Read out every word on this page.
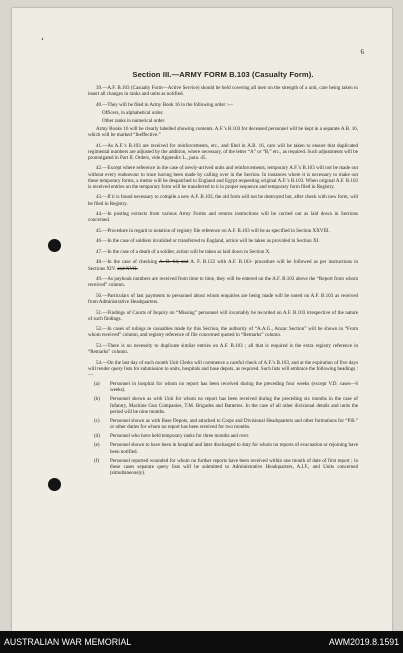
‘
6
Section III.—ARMY FORM B.103 (Casualty Form).

39.—A.F. B.103 (Casualty Form—Active Service) should be held covering all men on the strength of a unit, care being taken to insert all changes in ranks and units as notified.

40.—They will be filed in Army Book 16 in the following order :—

Officers, in alphabetical order.
Other ranks in numerical order.

Army Books 16 will be clearly labelled showing contents. A.F.’s B.103 for deceased personnel will be kept in a separate A.B. 16, which will be marked “Ineffective.”

41.—As A.F.’s B.103 are received for reinforcements, etc., and filed in A.B. 16, care will be taken to ensure that duplicated regimental numbers are adjusted by the addition, where necessary, of the letter “A” or “B,” etc., as required. Such adjustments will be promulgated in Part II. Orders, vide Appendix L., para. 45.

42.—Except where reference in the case of newly-arrived units and reinforcements, temporary A.F.’s B.103 will not be made out without every endeavour to trace having been made by calling over in the Section. In instances where it is necessary to make out these temporary forms, a memo will be despatched to England and Egypt requesting original A.F.’s B.103. When original A.F. B.103 is received entries on the temporary form will be transferred to it in proper sequence and temporary form filed in Registry.

43.—If it is found necessary to compile a new A.F. B.103, the old form will not be destroyed but, after check with new form, will be filed in Registry.

44.—In posting extracts from various Army Forms and returns instructions will be carried out as laid down in Sections concerned.

45.—Procedure in regard to notation of registry file reference on A.F. B.103 will be as specified in Section XXVIII.

46.—In the case of soldiers invalided or transferred to England, action will be taken as provided in Section XI.

47.—In the case of a death of a soldier, action will be taken as laid down in Section X.

48.—In the case of checking A. B. 64, and A. F. B.122 with A.F. B.103- procedure will be followed as per instructions in Sections XIV. and XVII.

49.—As paybook numbers are received from time to time, they will be entered on the A.F. B.103 above the “Report from whom received” column.

50.—Particulars of last payments to personnel about whom enquiries are being made will be noted on A.F. B.103 as received from Administrative Headquarters.

51.—Findings of Courts of Inquiry on “Missing” personnel will invariably be recorded on A.F. B.103 irrespective of the nature of such findings.

52.—In cases of rulings re casualties made by this Section, the authority of “A.A.G., Anzac Section” will be shown in “From whom received” column, and registry reference of file concerned quoted in “Remarks” column.

53.—There is no necessity to duplicate similar entries on A.F. B.103 ; all that is required is the extra registry reference in “Remarks” column.

54.—On the last day of each month Unit Clerks will commence a careful check of A.F.’s B.103, and at the expiration of five days will render query lists for submission to units, hospitals and base depots, as required. Such lists will embrace the following headings :—

(a) Personnel in hospital for whom no report has been received during the preceding four weeks (except V.D. cases—6 weeks).
(b) Personnel shown as with Unit for whom no report has been received during the preceding six months in the case of Infantry, Machine Gun Companies, T.M. Brigades and Batteries. In the case of all other divisional details and units the period will be nine months.
(c) Personnel shown as with Base Depots, and attached to Corps and Divisional Headquarters and other formations for “P.B.” or other duties for whom no report has been received for two months.
(d) Personnel who have held temporary ranks for three months and over.
(e) Personnel shown to have been in hospital and later discharged to duty for whom no reports of evacuation or rejoining have been notified.
(f) Personnel reported wounded for whom no further reports have been received within one month of date of first report ; in these cases separate query lists will be submitted to Administrative Headquarters, A.I.F., and Units concerned (simultaneously).
AUSTRALIAN WAR MEMORIAL	AWM2019.8.1591
